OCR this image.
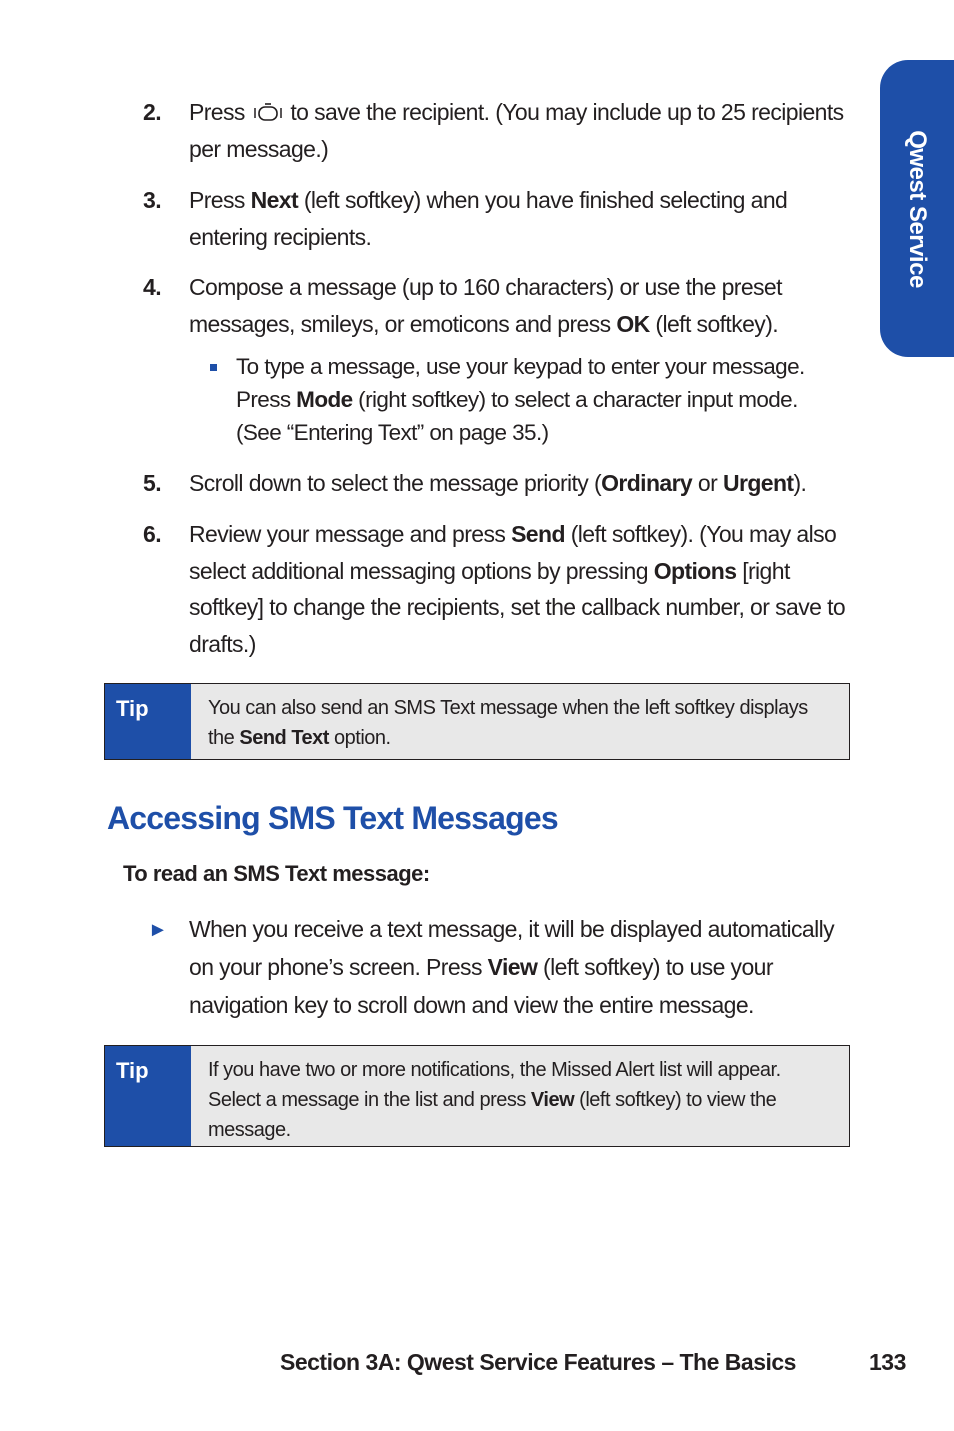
Qwest Service
2. Press  to save the recipient. (You may include up to 25 recipients per message.)
3. Press Next (left softkey) when you have finished selecting and entering recipients.
4. Compose a message (up to 160 characters) or use the preset messages, smileys, or emoticons and press OK (left softkey).
To type a message, use your keypad to enter your message. Press Mode (right softkey) to select a character input mode. (See “Entering Text” on page 35.)
5. Scroll down to select the message priority (Ordinary or Urgent).
6. Review your message and press Send (left softkey). (You may also select additional messaging options by pressing Options [right softkey] to change the recipients, set the callback number, or save to drafts.)
Tip	You can also send an SMS Text message when the left softkey displays the Send Text option.
Accessing SMS Text Messages
To read an SMS Text message:
► When you receive a text message, it will be displayed automatically on your phone’s screen. Press View (left softkey) to use your navigation key to scroll down and view the entire message.
Tip	If you have two or more notifications, the Missed Alert list will appear. Select a message in the list and press View (left softkey) to view the message.
Section 3A: Qwest Service Features – The Basics	133
